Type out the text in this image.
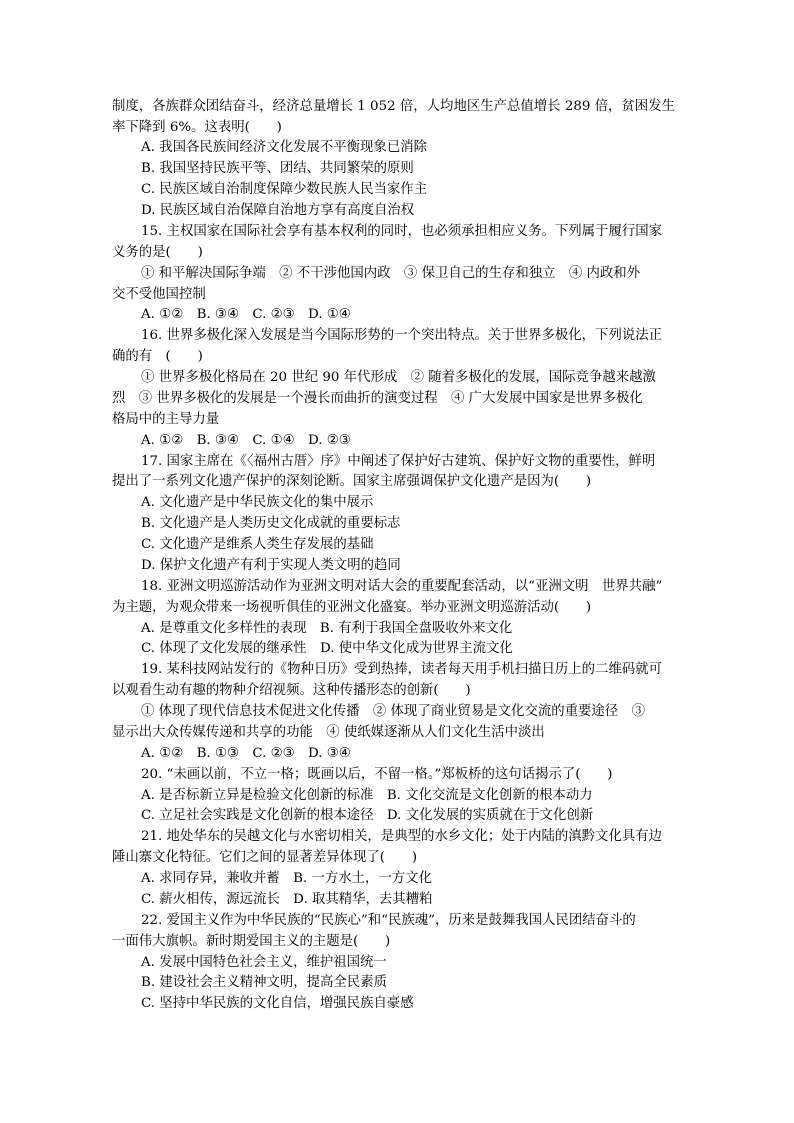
制度，各族群众团结奋斗，经济总量增长 1 052 倍，人均地区生产总值增长 289 倍，贫困发生
率下降到 6%。这表明(　　)
A. 我国各民族间经济文化发展不平衡现象已消除
B. 我国坚持民族平等、团结、共同繁荣的原则
C. 民族区域自治制度保障少数民族人民当家作主
D. 民族区域自治保障自治地方享有高度自治权
15. 主权国家在国际社会享有基本权利的同时，也必须承担相应义务。下列属于履行国家
义务的是(　　)
① 和平解决国际争端　② 不干涉他国内政　③ 保卫自己的生存和独立　④ 内政和外
交不受他国控制
A. ①②　B. ③④　C. ②③　D. ①④
16. 世界多极化深入发展是当今国际形势的一个突出特点。关于世界多极化，下列说法正
确的有　(　　)
① 世界多极化格局在 20 世纪 90 年代形成　② 随着多极化的发展，国际竞争越来越激
烈　③ 世界多极化的发展是一个漫长而曲折的演变过程　④ 广大发展中国家是世界多极化
格局中的主导力量
A. ①②　B. ③④　C. ①④　D. ②③
17. 国家主席在《〈福州古厝〉序》中阐述了保护好古建筑、保护好文物的重要性，鲜明
提出了一系列文化遗产保护的深刻论断。国家主席强调保护文化遗产是因为(　　)
A. 文化遗产是中华民族文化的集中展示
B. 文化遗产是人类历史文化成就的重要标志
C. 文化遗产是维系人类生存发展的基础
D. 保护文化遗产有利于实现人类文明的趋同
18. 亚洲文明巡游活动作为亚洲文明对话大会的重要配套活动，以“亚洲文明　世界共融”
为主题，为观众带来一场视听俱佳的亚洲文化盛宴。举办亚洲文明巡游活动(　　)
A. 是尊重文化多样性的表现　B. 有利于我国全盘吸收外来文化
C. 体现了文化发展的继承性　D. 使中华文化成为世界主流文化
19. 某科技网站发行的《物种日历》受到热捧，读者每天用手机扫描日历上的二维码就可
以观看生动有趣的物种介绍视频。这种传播形态的创新(　　)
① 体现了现代信息技术促进文化传播　② 体现了商业贸易是文化交流的重要途径　③
显示出大众传媒传递和共享的功能　④ 使纸媒逐渐从人们文化生活中淡出
A. ①②　B. ①③　C. ②③　D. ③④
20. “未画以前，不立一格；既画以后，不留一格。”郑板桥的这句话揭示了(　　)
A. 是否标新立异是检验文化创新的标准　B. 文化交流是文化创新的根本动力
C. 立足社会实践是文化创新的根本途径　D. 文化发展的实质就在于文化创新
21. 地处华东的吴越文化与水密切相关，是典型的水乡文化；处于内陆的滇黔文化具有边
陲山寨文化特征。它们之间的显著差异体现了(　　)
A. 求同存异，兼收并蓄　B. 一方水土，一方文化
C. 薪火相传，源远流长　D. 取其精华，去其糟粕
22. 爱国主义作为中华民族的“民族心”和“民族魂”，历来是鼓舞我国人民团结奋斗的
一面伟大旗帜。新时期爱国主义的主题是(　　)
A. 发展中国特色社会主义，维护祖国统一
B. 建设社会主义精神文明，提高全民素质
C. 坚持中华民族的文化自信，增强民族自豪感
